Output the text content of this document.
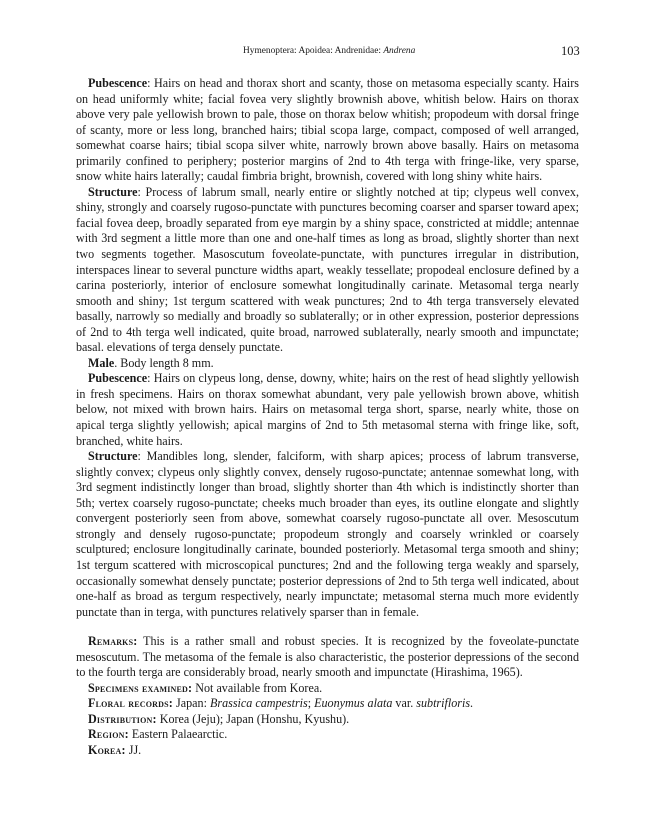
Hymenoptera: Apoidea: Andrenidae: Andrena	103

Pubescence: Hairs on head and thorax short and scanty, those on metasoma especially scanty. Hairs on head uniformly white; facial fovea very slightly brownish above, whitish below. Hairs on thorax above very pale yellowish brown to pale, those on thorax below whitish; propodeum with dorsal fringe of scanty, more or less long, branched hairs; tibial scopa large, compact, composed of well arranged, somewhat coarse hairs; tibial scopa silver white, narrowly brown above basally. Hairs on metasoma primarily confined to periphery; posterior margins of 2nd to 4th terga with fringe-like, very sparse, snow white hairs laterally; caudal fimbria bright, brownish, covered with long shiny white hairs.

Structure: Process of labrum small, nearly entire or slightly notched at tip; clypeus well convex, shiny, strongly and coarsely rugoso-punctate with punctures becoming coarser and sparser toward apex; facial fovea deep, broadly separated from eye margin by a shiny space, constricted at middle; antennae with 3rd segment a little more than one and one-half times as long as broad, slightly shorter than next two segments together. Masoscutum foveolate-punctate, with punctures irregular in distribution, interspaces linear to several puncture widths apart, weakly tessellate; propodeal enclosure defined by a carina posteriorly, interior of enclosure somewhat longitudinally carinate. Metasomal terga nearly smooth and shiny; 1st tergum scattered with weak punctures; 2nd to 4th terga transversely elevated basally, narrowly so medially and broadly so sublaterally; or in other expression, posterior depressions of 2nd to 4th terga well indicated, quite broad, narrowed sublaterally, nearly smooth and impunctate; basal. elevations of terga densely punctate.

Male. Body length 8 mm.

Pubescence: Hairs on clypeus long, dense, downy, white; hairs on the rest of head slightly yellowish in fresh specimens. Hairs on thorax somewhat abundant, very pale yellowish brown above, whitish below, not mixed with brown hairs. Hairs on metasomal terga short, sparse, nearly white, those on apical terga slightly yellowish; apical margins of 2nd to 5th metasomal sterna with fringe like, soft, branched, white hairs.

Structure: Mandibles long, slender, falciform, with sharp apices; process of labrum transverse, slightly convex; clypeus only slightly convex, densely rugoso-punctate; antennae somewhat long, with 3rd segment indistinctly longer than broad, slightly shorter than 4th which is indistinctly shorter than 5th; vertex coarsely rugoso-punctate; cheeks much broader than eyes, its outline elongate and slightly convergent posteriorly seen from above, somewhat coarsely rugoso-punctate all over. Mesoscutum strongly and densely rugoso-punctate; propodeum strongly and coarsely wrinkled or coarsely sculptured; enclosure longitudinally carinate, bounded posteriorly. Metasomal terga smooth and shiny; 1st tergum scattered with microscopical punctures; 2nd and the following terga weakly and sparsely, occasionally somewhat densely punctate; posterior depressions of 2nd to 5th terga well indicated, about one-half as broad as tergum respectively, nearly impunctate; metasomal sterna much more evidently punctate than in terga, with punctures relatively sparser than in female.

Remarks: This is a rather small and robust species. It is recognized by the foveolate-punctate mesoscutum. The metasoma of the female is also characteristic, the posterior depressions of the second to the fourth terga are considerably broad, nearly smooth and impunctate (Hirashima, 1965).

Specimens examined: Not available from Korea.

Floral records: Japan: Brassica campestris; Euonymus alata var. subtrifloris.

Distribution: Korea (Jeju); Japan (Honshu, Kyushu).

Region: Eastern Palaearctic.

Korea: JJ.
